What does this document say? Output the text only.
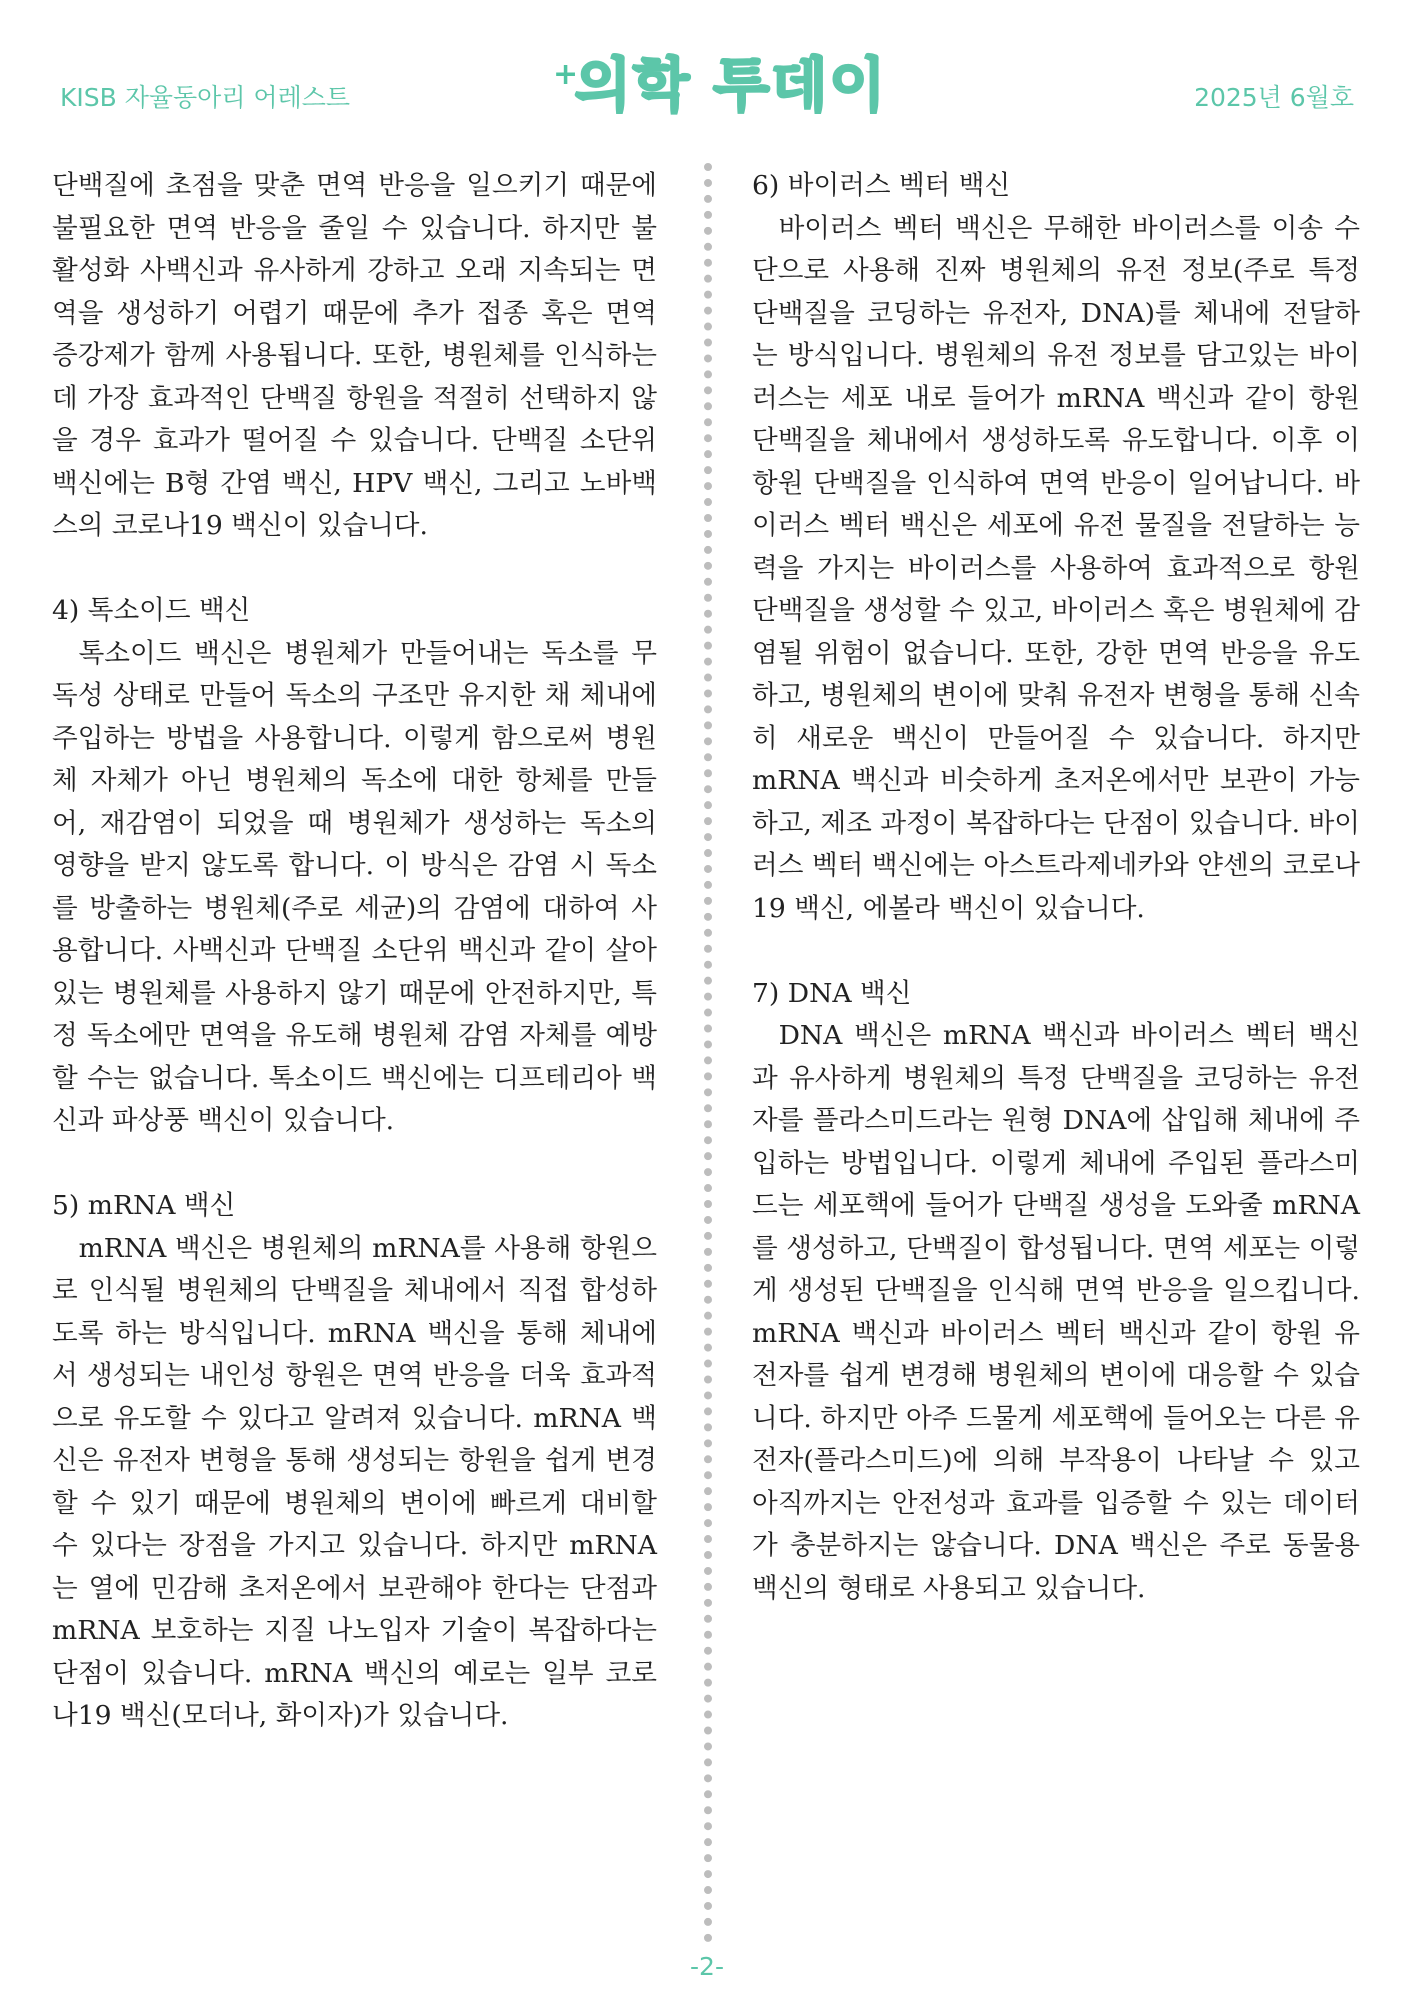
KISB 자율동아리 어레스트
+
의학 투데이	2025년 6월호

단백질에 초점을 맞춘 면역 반응을 일으키기 때문에 불필요한 면역 반응을 줄일 수 있습니다. 하지만 불활성화 사백신과 유사하게 강하고 오래 지속되는 면역을 생성하기 어렵기 때문에 추가 접종 혹은 면역 증강제가 함께 사용됩니다. 또한, 병원체를 인식하는 데 가장 효과적인 단백질 항원을 적절히 선택하지 않을 경우 효과가 떨어질 수 있습니다. 단백질 소단위 백신에는 B형 간염 백신, HPV 백신, 그리고 노바백스의 코로나19 백신이 있습니다.

4) 톡소이드 백신

톡소이드 백신은 병원체가 만들어내는 독소를 무독성 상태로 만들어 독소의 구조만 유지한 채 체내에 주입하는 방법을 사용합니다. 이렇게 함으로써 병원체 자체가 아닌 병원체의 독소에 대한 항체를 만들어, 재감염이 되었을 때 병원체가 생성하는 독소의 영향을 받지 않도록 합니다. 이 방식은 감염 시 독소를 방출하는 병원체(주로 세균)의 감염에 대하여 사용합니다. 사백신과 단백질 소단위 백신과 같이 살아있는 병원체를 사용하지 않기 때문에 안전하지만, 특정 독소에만 면역을 유도해 병원체 감염 자체를 예방할 수는 없습니다. 톡소이드 백신에는 디프테리아 백신과 파상풍 백신이 있습니다.

5) mRNA 백신

mRNA 백신은 병원체의 mRNA를 사용해 항원으로 인식될 병원체의 단백질을 체내에서 직접 합성하도록 하는 방식입니다. mRNA 백신을 통해 체내에서 생성되는 내인성 항원은 면역 반응을 더욱 효과적으로 유도할 수 있다고 알려져 있습니다. mRNA 백신은 유전자 변형을 통해 생성되는 항원을 쉽게 변경할 수 있기 때문에 병원체의 변이에 빠르게 대비할 수 있다는 장점을 가지고 있습니다. 하지만 mRNA는 열에 민감해 초저온에서 보관해야 한다는 단점과 mRNA 보호하는 지질 나노입자 기술이 복잡하다는 단점이 있습니다. mRNA 백신의 예로는 일부 코로나19 백신(모더나, 화이자)가 있습니다.

6) 바이러스 벡터 백신

바이러스 벡터 백신은 무해한 바이러스를 이송 수단으로 사용해 진짜 병원체의 유전 정보(주로 특정 단백질을 코딩하는 유전자, DNA)를 체내에 전달하는 방식입니다. 병원체의 유전 정보를 담고있는 바이러스는 세포 내로 들어가 mRNA 백신과 같이 항원 단백질을 체내에서 생성하도록 유도합니다. 이후 이 항원 단백질을 인식하여 면역 반응이 일어납니다. 바이러스 벡터 백신은 세포에 유전 물질을 전달하는 능력을 가지는 바이러스를 사용하여 효과적으로 항원 단백질을 생성할 수 있고, 바이러스 혹은 병원체에 감염될 위험이 없습니다. 또한, 강한 면역 반응을 유도하고, 병원체의 변이에 맞춰 유전자 변형을 통해 신속히 새로운 백신이 만들어질 수 있습니다. 하지만 mRNA 백신과 비슷하게 초저온에서만 보관이 가능하고, 제조 과정이 복잡하다는 단점이 있습니다. 바이러스 벡터 백신에는 아스트라제네카와 얀센의 코로나19 백신, 에볼라 백신이 있습니다.

7) DNA 백신

DNA 백신은 mRNA 백신과 바이러스 벡터 백신과 유사하게 병원체의 특정 단백질을 코딩하는 유전자를 플라스미드라는 원형 DNA에 삽입해 체내에 주입하는 방법입니다. 이렇게 체내에 주입된 플라스미드는 세포핵에 들어가 단백질 생성을 도와줄 mRNA를 생성하고, 단백질이 합성됩니다. 면역 세포는 이렇게 생성된 단백질을 인식해 면역 반응을 일으킵니다. mRNA 백신과 바이러스 벡터 백신과 같이 항원 유전자를 쉽게 변경해 병원체의 변이에 대응할 수 있습니다. 하지만 아주 드물게 세포핵에 들어오는 다른 유전자(플라스미드)에 의해 부작용이 나타날 수 있고 아직까지는 안전성과 효과를 입증할 수 있는 데이터가 충분하지는 않습니다. DNA 백신은 주로 동물용 백신의 형태로 사용되고 있습니다.

-2-
